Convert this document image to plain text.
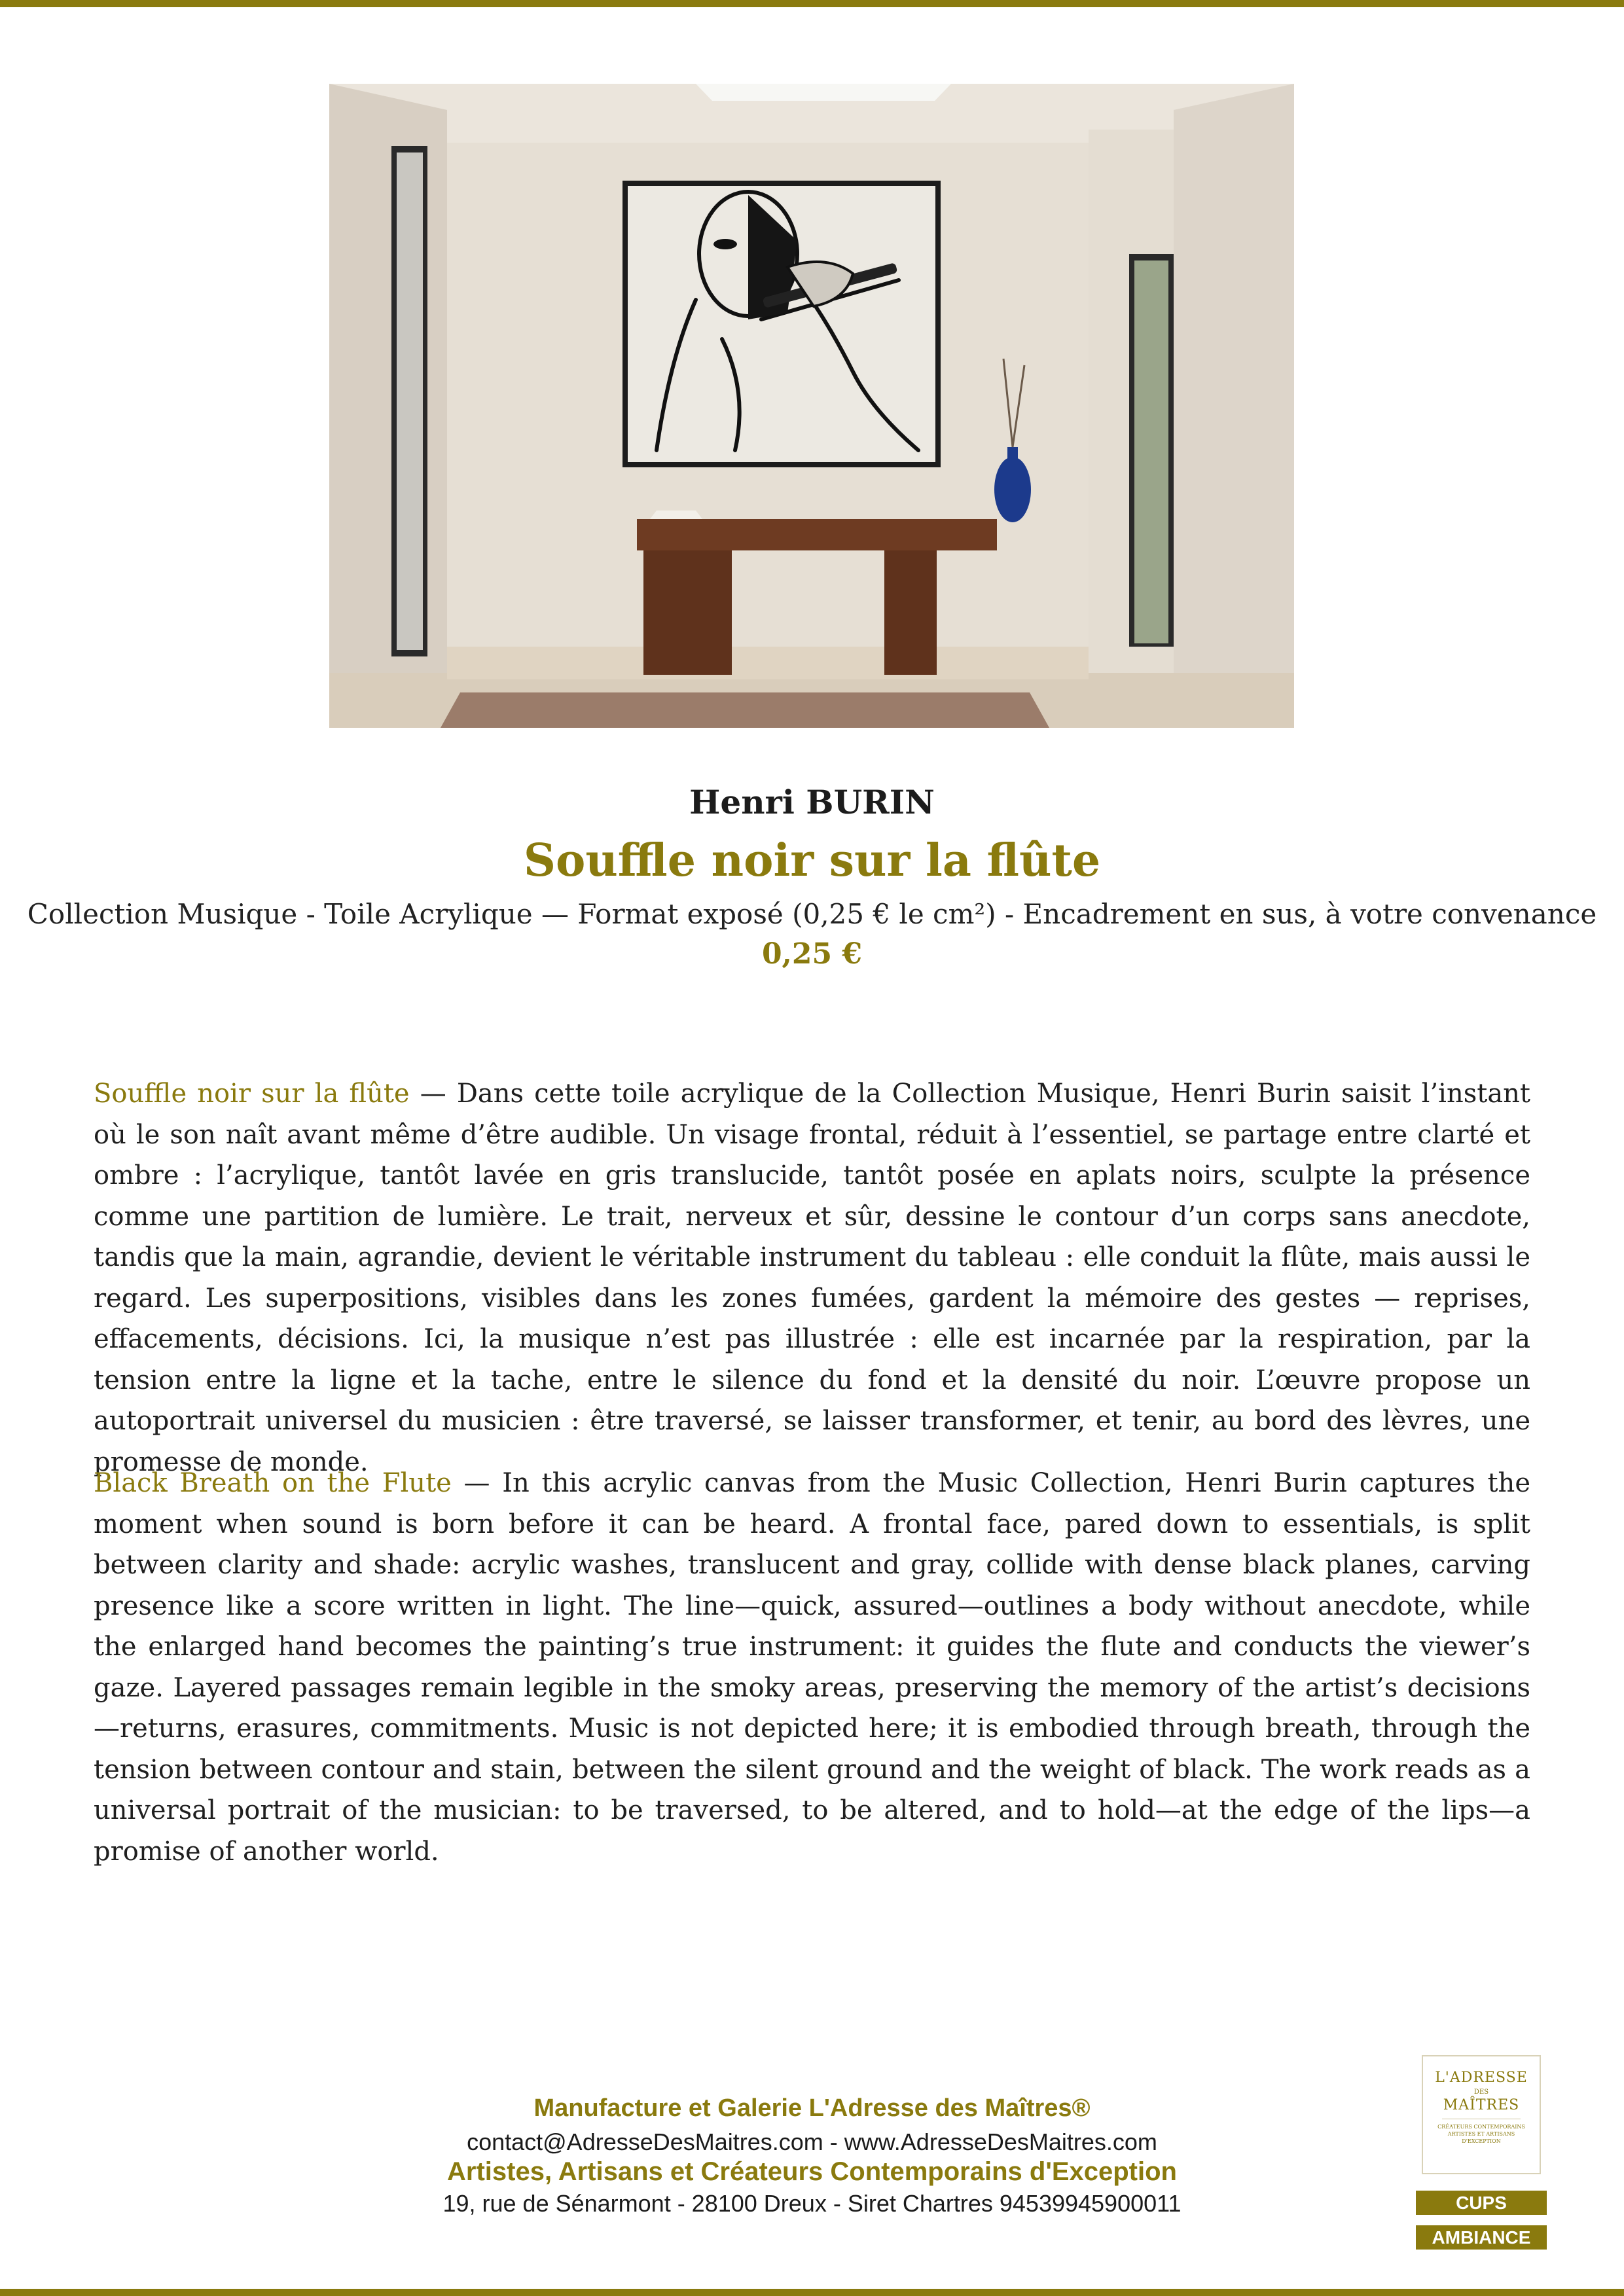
Henri BURIN
Souffle noir sur la flûte
Collection Musique - Toile Acrylique — Format exposé (0,25 € le cm²) - Encadrement en sus, à votre convenance
0,25 €
Souffle noir sur la flûte — Dans cette toile acrylique de la Collection Musique, Henri Burin saisit l’instant où le son naît avant même d’être audible. Un visage frontal, réduit à l’essentiel, se partage entre clarté et ombre : l’acrylique, tantôt lavée en gris translucide, tantôt posée en aplats noirs, sculpte la présence comme une partition de lumière. Le trait, nerveux et sûr, dessine le contour d’un corps sans anecdote, tandis que la main, agrandie, devient le véritable instrument du tableau : elle conduit la flûte, mais aussi le regard. Les superpositions, visibles dans les zones fumées, gardent la mémoire des gestes — reprises, effacements, décisions. Ici, la musique n’est pas illustrée : elle est incarnée par la respiration, par la tension entre la ligne et la tache, entre le silence du fond et la densité du noir. L’œuvre propose un autoportrait universel du musicien : être traversé, se laisser transformer, et tenir, au bord des lèvres, une promesse de monde.
Black Breath on the Flute — In this acrylic canvas from the Music Collection, Henri Burin captures the moment when sound is born before it can be heard. A frontal face, pared down to essentials, is split between clarity and shade: acrylic washes, translucent and gray, collide with dense black planes, carving presence like a score written in light. The line—quick, assured—outlines a body without anecdote, while the enlarged hand becomes the painting’s true instrument: it guides the flute and conducts the viewer’s gaze. Layered passages remain legible in the smoky areas, preserving the memory of the artist’s decisions—returns, erasures, commitments. Music is not depicted here; it is embodied through breath, through the tension between contour and stain, between the silent ground and the weight of black. The work reads as a universal portrait of the musician: to be traversed, to be altered, and to hold—at the edge of the lips—a promise of another world.
Manufacture et Galerie L'Adresse des Maîtres®
contact@AdresseDesMaitres.com - www.AdresseDesMaitres.com
Artistes, Artisans et Créateurs Contemporains d'Exception
19, rue de Sénarmont - 28100 Dreux - Siret Chartres 94539945900011
L'ADRESSE
DES
MAÎTRES
CRÉATEURS CONTEMPORAINS ARTISTES ET ARTISANS D'EXCEPTION
CUPS
AMBIANCE
